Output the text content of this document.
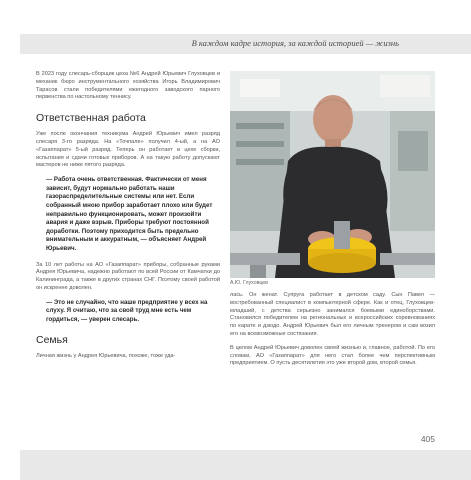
В каждом кадре история, за каждой историей — жизнь

В 2023 году слесарь-сборщик цеха №6 Андрей Юрьевич Глуховцев и механик бюро инструментального хозяйства Игорь Владимирович Тарасов стали победителями ежегодного заводского парного первенства по настольному теннису.

Ответственная работа

Уже после окончания техникума Андрей Юрьевич имел разряд слесаря 3-го разряда. На «Точпале» получил 4-ый, а на АО «Газаппарат» 5-ый разряд. Теперь он работает в цехе сборки, испытания и сдачи готовых приборов. А на такую работу допускают мастеров не ниже пятого разряда.

— Работа очень ответственная. Фактически от меня зависит, будут нормально работать наши газораспределительные системы или нет. Если собранный мною прибор заработает плохо или будет неправильно функционировать, может произойти авария и даже взрыв. Приборы требуют постоянной доработки. Поэтому приходится быть предельно внимательным и аккуратным, — объясняет Андрей Юрьевич.

За 10 лет работы на АО «Газаппарат» приборы, собранные руками Андрея Юрьевича, надежно работают по всей России от Камчатки до Калининграда, а также в других странах СНГ. Поэтому своей работой он искренне доволен.

— Это не случайно, что наше предприятие у всех на слуху. Я считаю, что за свой труд мне есть чем гордиться, — уверен слесарь.
Семья

Личная жизнь у Андрея Юрьевича, похоже, тоже уда-

А.Ю. Глуховцев

лась. Он женат. Супруга работает в детском саду. Сын Павел — востребованный специалист в компьютерной сфере. Как и отец, Глуховцев-младший, с детства серьезно занимался боевыми единоборствами. Становился победителем на региональных и всероссийских соревнованиях по карате и дзюдо. Андрей Юрьевич был его личным тренером и сам возил его на всевозможные состязания.

В целом Андрей Юрьевич доволен своей жизнью и, главное, работой. По его словам, АО «Газаппарат» для него стал более чем перспективным предприятием. О пусть десятилетия это уже второй дом, второй семья.

405
